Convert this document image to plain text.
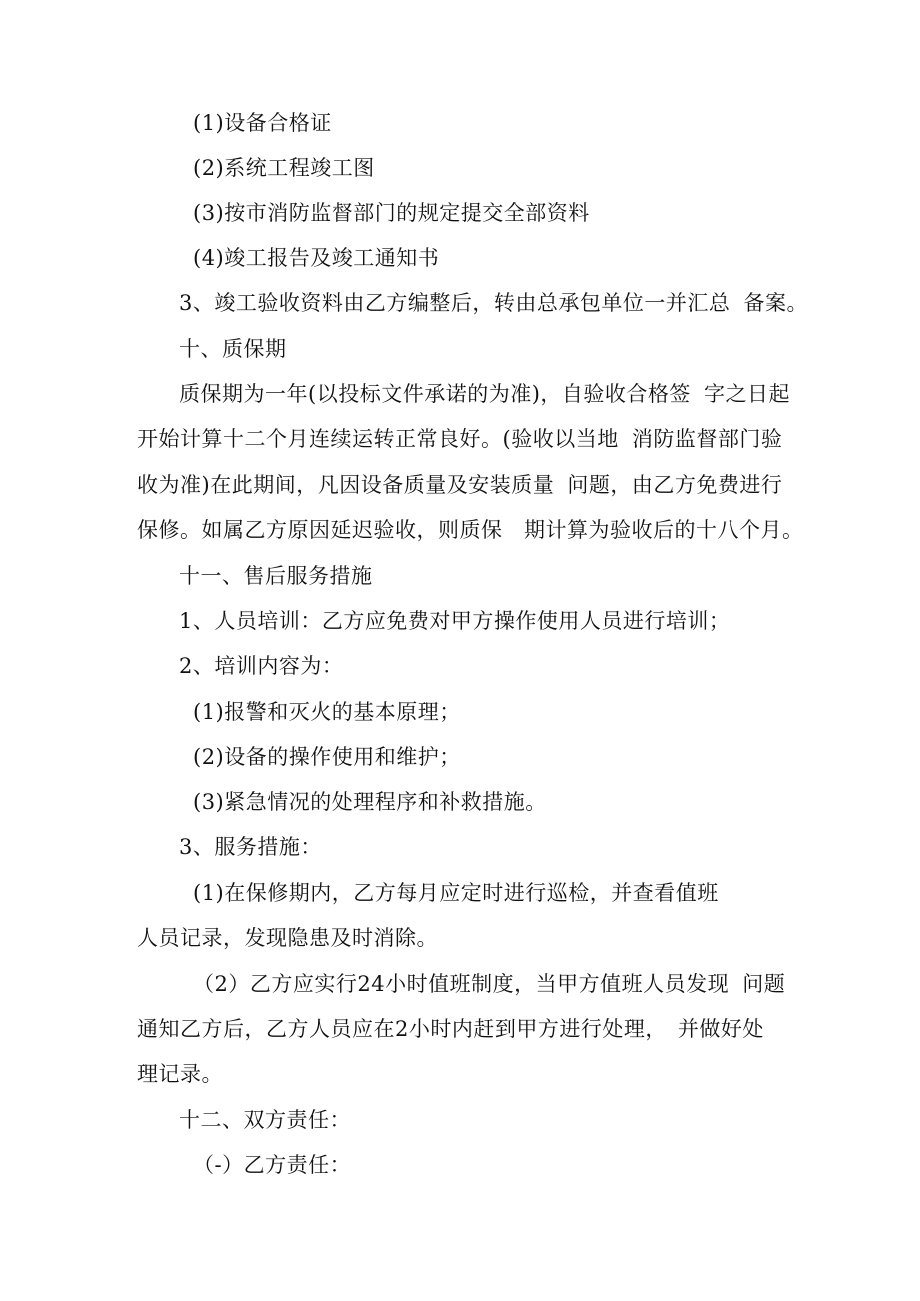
(1)设备合格证

(2)系统工程竣工图

(3)按市消防监督部门的规定提交全部资料

(4)竣工报告及竣工通知书

3、竣工验收资料由乙方编整后，转由总承包单位一并汇总 备案。

十、质保期

质保期为一年(以投标文件承诺的为准)，自验收合格签 字之日起

开始计算十二个月连续运转正常良好。(验收以当地 消防监督部门验

收为准)在此期间，凡因设备质量及安装质量 问题，由乙方免费进行

保修。如属乙方原因延迟验收，则质保　期计算为验收后的十八个月。

十一、售后服务措施

1、人员培训：乙方应免费对甲方操作使用人员进行培训；

2、培训内容为：

(1)报警和灭火的基本原理；

(2)设备的操作使用和维护；

(3)紧急情况的处理程序和补救措施。

3、服务措施：

(1)在保修期内，乙方每月应定时进行巡检，并查看值班

人员记录，发现隐患及时消除。

（2）乙方应实行24小时值班制度，当甲方值班人员发现 问题

通知乙方后，乙方人员应在2小时内赶到甲方进行处理，　并做好处

理记录。

十二、双方责任：

（-）乙方责任：
